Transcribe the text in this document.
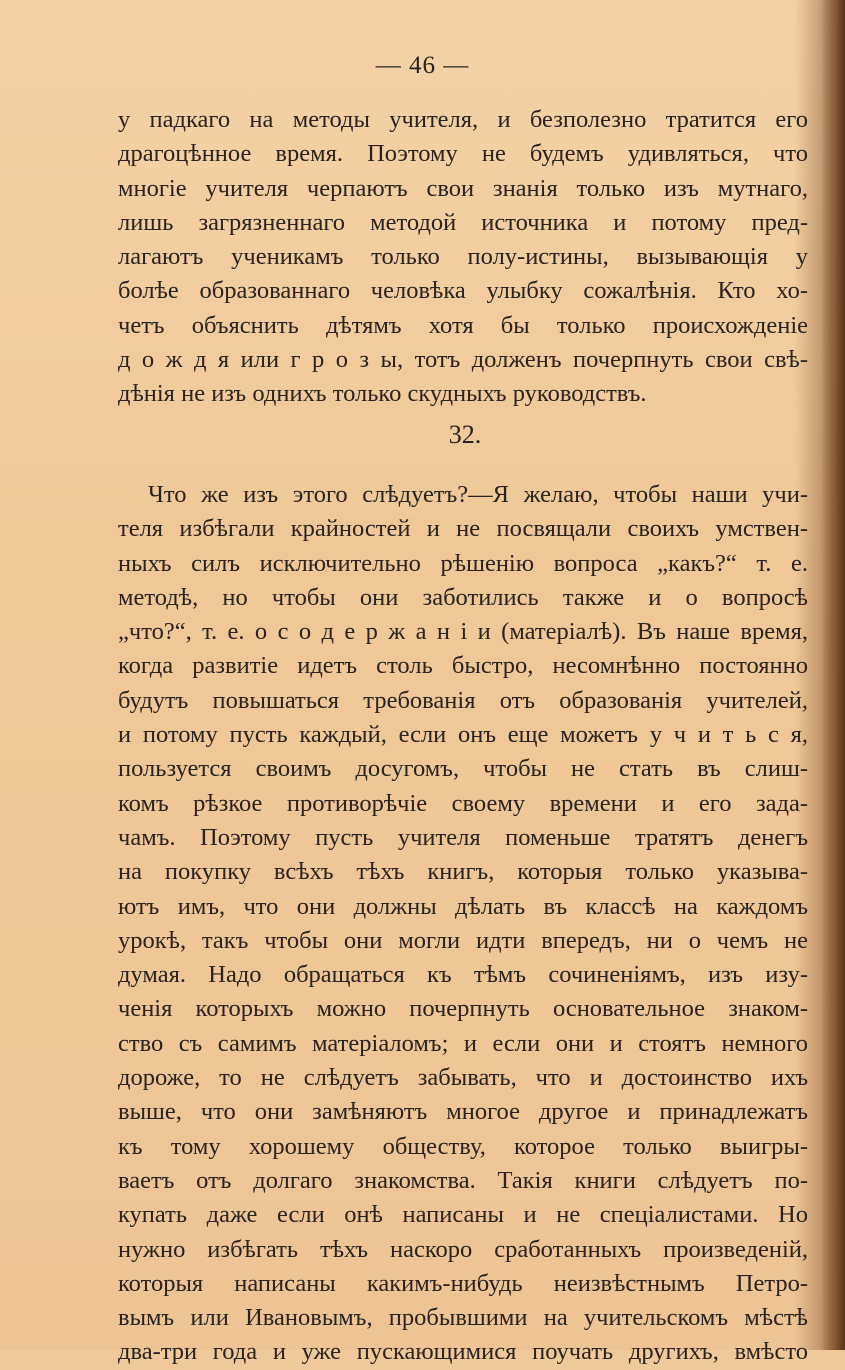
— 46 —
у падкаго на методы учителя, и безполезно тратится его
драгоцѣнное время. Поэтому не будемъ удивляться, что
многіе учителя черпаютъ свои знанія только изъ мутнаго,
лишь загрязненнаго методой источника и потому пред-
лагаютъ ученикамъ только полу-истины, вызывающія у
болѣе образованнаго человѣка улыбку сожалѣнія. Кто хо-
четъ объяснить дѣтямъ хотя бы только происхожденіе
д о ж д я или г р о з ы, тотъ долженъ почерпнуть свои свѣ-
дѣнія не изъ однихъ только скудныхъ руководствъ.
32.
Что же изъ этого слѣдуетъ?—Я желаю, чтобы наши учи-
теля избѣгали крайностей и не посвящали своихъ умствен-
ныхъ силъ исключительно рѣшенію вопроса „какъ?“ т. е.
методѣ, но чтобы они заботились также и о вопросѣ
„что?“, т. е. о с о д е р ж а н і и (матеріалѣ). Въ наше время,
когда развитіе идетъ столь быстро, несомнѣнно постоянно
будутъ повышаться требованія отъ образованія учителей,
и потому пусть каждый, если онъ еще можетъ у ч и т ь с я,
пользуется своимъ досугомъ, чтобы не стать въ слиш-
комъ рѣзкое противорѣчіе своему времени и его зада-
чамъ. Поэтому пусть учителя поменьше тратятъ денегъ
на покупку всѣхъ тѣхъ книгъ, которыя только указыва-
ютъ имъ, что они должны дѣлать въ классѣ на каждомъ
урокѣ, такъ чтобы они могли идти впередъ, ни о чемъ не
думая. Надо обращаться къ тѣмъ сочиненіямъ, изъ изу-
ченія которыхъ можно почерпнуть основательное знаком-
ство съ самимъ матеріаломъ; и если они и стоятъ немного
дороже, то не слѣдуетъ забывать, что и достоинство ихъ
выше, что они замѣняютъ многое другое и принадлежатъ
къ тому хорошему обществу, которое только выигры-
ваетъ отъ долгаго знакомства. Такія книги слѣдуетъ по-
купать даже если онѣ написаны и не спеціалистами. Но
нужно избѣгать тѣхъ наскоро сработанныхъ произведеній,
которыя написаны какимъ-нибудь неизвѣстнымъ Петро-
вымъ или Ивановымъ, пробывшими на учительскомъ мѣстѣ
два-три года и уже пускающимися поучать другихъ, вмѣсто
